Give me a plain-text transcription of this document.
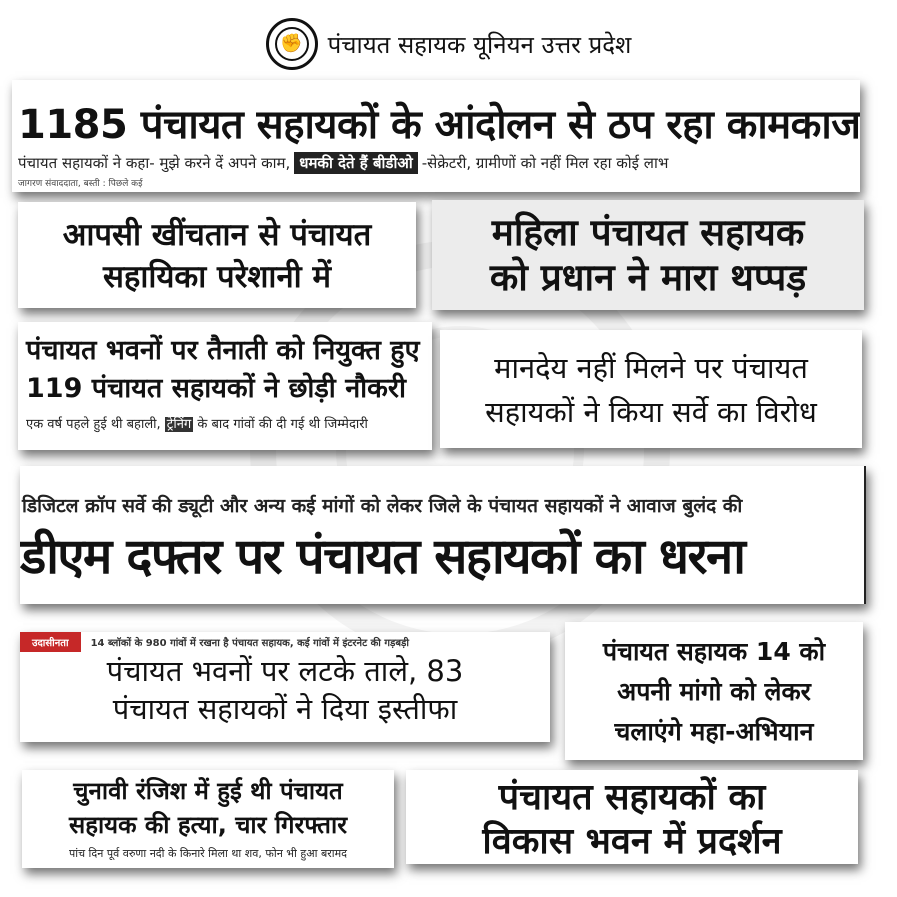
✊ पंचायत सहायक यूनियन उत्तर प्रदेश
1185 पंचायत सहायकों के आंदोलन से ठप रहा कामकाज
पंचायत सहायकों ने कहा- मुझे करने दें अपने काम, धमकी देते हैं बीडीओ -सेक्रेटरी, ग्रामीणों को नहीं मिल रहा कोई लाभ
जागरण संवाददाता, बस्ती : पिछले कई
आपसी खींचतान से पंचायत
सहायिका परेशानी में
महिला पंचायत सहायक
को प्रधान ने मारा थप्पड़
पंचायत भवनों पर तैनाती को नियुक्त हुए
119 पंचायत सहायकों ने छोड़ी नौकरी
एक वर्ष पहले हुई थी बहाली, ट्रेनिंग के बाद गांवों की दी गई थी जिम्मेदारी
मानदेय नहीं मिलने पर पंचायत
सहायकों ने किया सर्वे का विरोध
डिजिटल क्रॉप सर्वे की ड्यूटी और अन्य कई मांगों को लेकर जिले के पंचायत सहायकों ने आवाज बुलंद की
डीएम दफ्तर पर पंचायत सहायकों का धरना
उदासीनता	14 ब्लॉकों के 980 गांवों में रखना है पंचायत सहायक, कई गांवों में इंटरनेट की गड़बड़ी
पंचायत भवनों पर लटके ताले, 83
पंचायत सहायकों ने दिया इस्तीफा
पंचायत सहायक 14 को
अपनी मांगो को लेकर
चलाएंगे महा-अभियान
चुनावी रंजिश में हुई थी पंचायत
सहायक की हत्या, चार गिरफ्तार
पांच दिन पूर्व वरुणा नदी के किनारे मिला था शव, फोन भी हुआ बरामद
पंचायत सहायकों का
विकास भवन में प्रदर्शन
